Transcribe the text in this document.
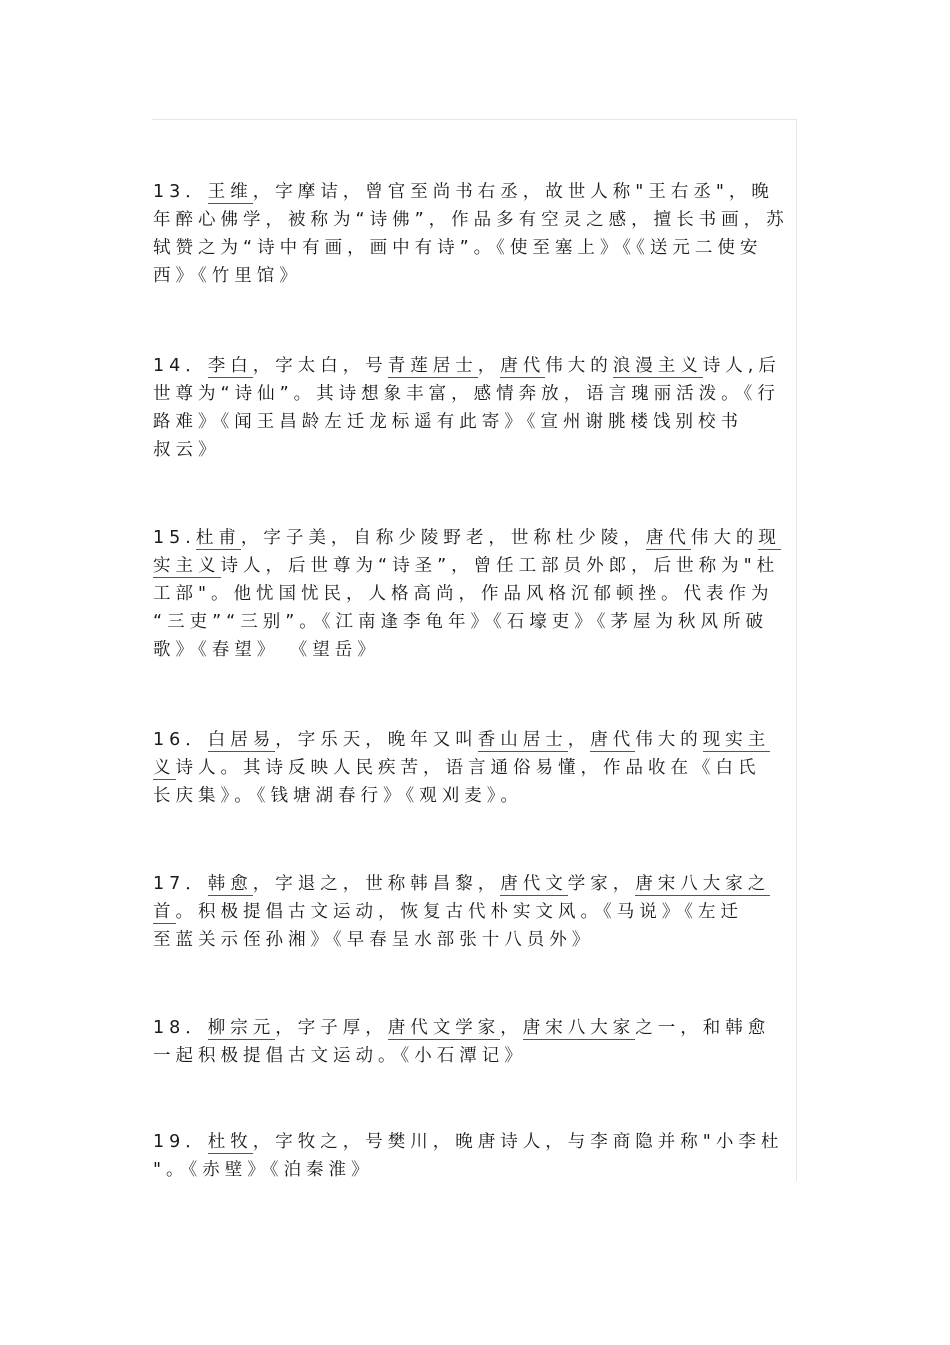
13．王维，字摩诘，曾官至尚书右丞，故世人称"王右丞"，晚
年醉心佛学，被称为“诗佛”，作品多有空灵之感，擅长书画，苏
轼赞之为“诗中有画，画中有诗”。《使至塞上》《《送元二使安
西》《竹里馆》
14．李白，字太白，号青莲居士，唐代伟大的浪漫主义诗人,后
世尊为“诗仙”。其诗想象丰富，感情奔放，语言瑰丽活泼。《行
路难》《闻王昌龄左迁龙标遥有此寄》《宣州谢朓楼饯别校书
叔云》
15.杜甫，字子美，自称少陵野老，世称杜少陵，唐代伟大的现
实主义诗人，后世尊为“诗圣”，曾任工部员外郎，后世称为"杜
工部"。他忧国忧民，人格高尚，作品风格沉郁顿挫。代表作为
“三吏”“三别”。《江南逢李龟年》《石壕吏》《茅屋为秋风所破
歌》《春望》 《望岳》
16．白居易，字乐天，晚年又叫香山居士，唐代伟大的现实主
义诗人。其诗反映人民疾苦，语言通俗易懂，作品收在《白氏
长庆集》。《钱塘湖春行》《观刈麦》。
17．韩愈，字退之，世称韩昌黎，唐代文学家，唐宋八大家之
首。积极提倡古文运动，恢复古代朴实文风。《马说》《左迁
至蓝关示侄孙湘》《早春呈水部张十八员外》
18．柳宗元，字子厚，唐代文学家，唐宋八大家之一，和韩愈
一起积极提倡古文运动。《小石潭记》
19．杜牧，字牧之，号樊川，晚唐诗人，与李商隐并称"小李杜
"。《赤壁》《泊秦淮》
